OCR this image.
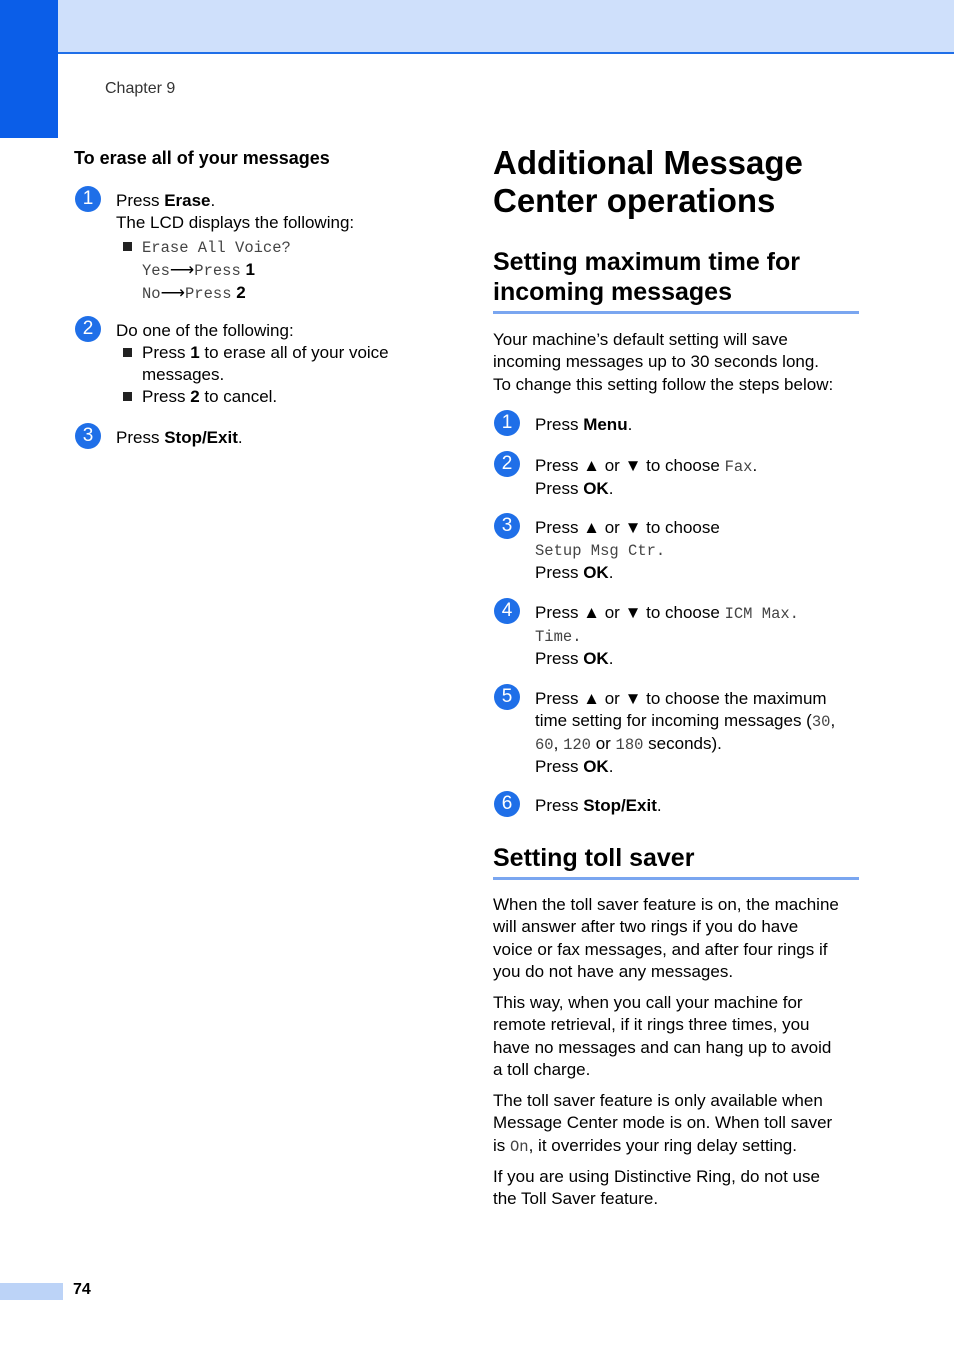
Chapter 9
To erase all of your messages
1	Press Erase.
The LCD displays the following:
Erase All Voice?
Yes⟶Press 1
No⟶Press 2
2	Do one of the following:
Press 1 to erase all of your voice
messages.
Press 2 to cancel.
3	Press Stop/Exit.
Additional Message
Center operations
Setting maximum time for
incoming messages
Your machine’s default setting will save
incoming messages up to 30 seconds long.
To change this setting follow the steps below:
1	Press Menu.
2	Press ▲ or ▼ to choose Fax.
Press OK.
3	Press ▲ or ▼ to choose
Setup Msg Ctr.
Press OK.
4	Press ▲ or ▼ to choose ICM Max.
Time.
Press OK.
5	Press ▲ or ▼ to choose the maximum
time setting for incoming messages (30,
60, 120 or 180 seconds).
Press OK.
6	Press Stop/Exit.
Setting toll saver
When the toll saver feature is on, the machine
will answer after two rings if you do have
voice or fax messages, and after four rings if
you do not have any messages.
This way, when you call your machine for
remote retrieval, if it rings three times, you
have no messages and can hang up to avoid
a toll charge.
The toll saver feature is only available when
Message Center mode is on. When toll saver
is On, it overrides your ring delay setting.
If you are using Distinctive Ring, do not use
the Toll Saver feature.
74
